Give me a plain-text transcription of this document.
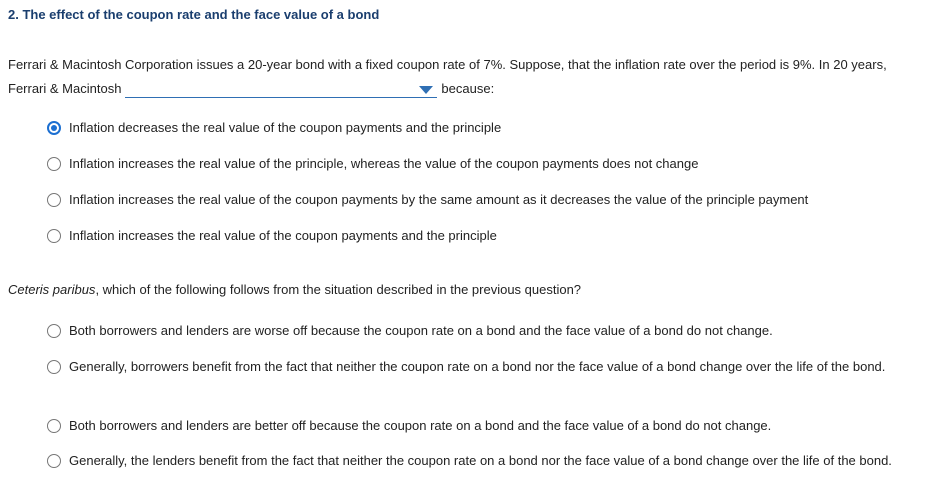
2. The effect of the coupon rate and the face value of a bond
Ferrari & Macintosh Corporation issues a 20-year bond with a fixed coupon rate of 7%. Suppose, that the inflation rate over the period is 9%. In 20 years, Ferrari & Macintosh	because:
Inflation decreases the real value of the coupon payments and the principle
Inflation increases the real value of the principle, whereas the value of the coupon payments does not change
Inflation increases the real value of the coupon payments by the same amount as it decreases the value of the principle payment
Inflation increases the real value of the coupon payments and the principle
Ceteris paribus, which of the following follows from the situation described in the previous question?
Both borrowers and lenders are worse off because the coupon rate on a bond and the face value of a bond do not change.
Generally, borrowers benefit from the fact that neither the coupon rate on a bond nor the face value of a bond change over the life of the bond.
Both borrowers and lenders are better off because the coupon rate on a bond and the face value of a bond do not change.
Generally, the lenders benefit from the fact that neither the coupon rate on a bond nor the face value of a bond change over the life of the bond.
